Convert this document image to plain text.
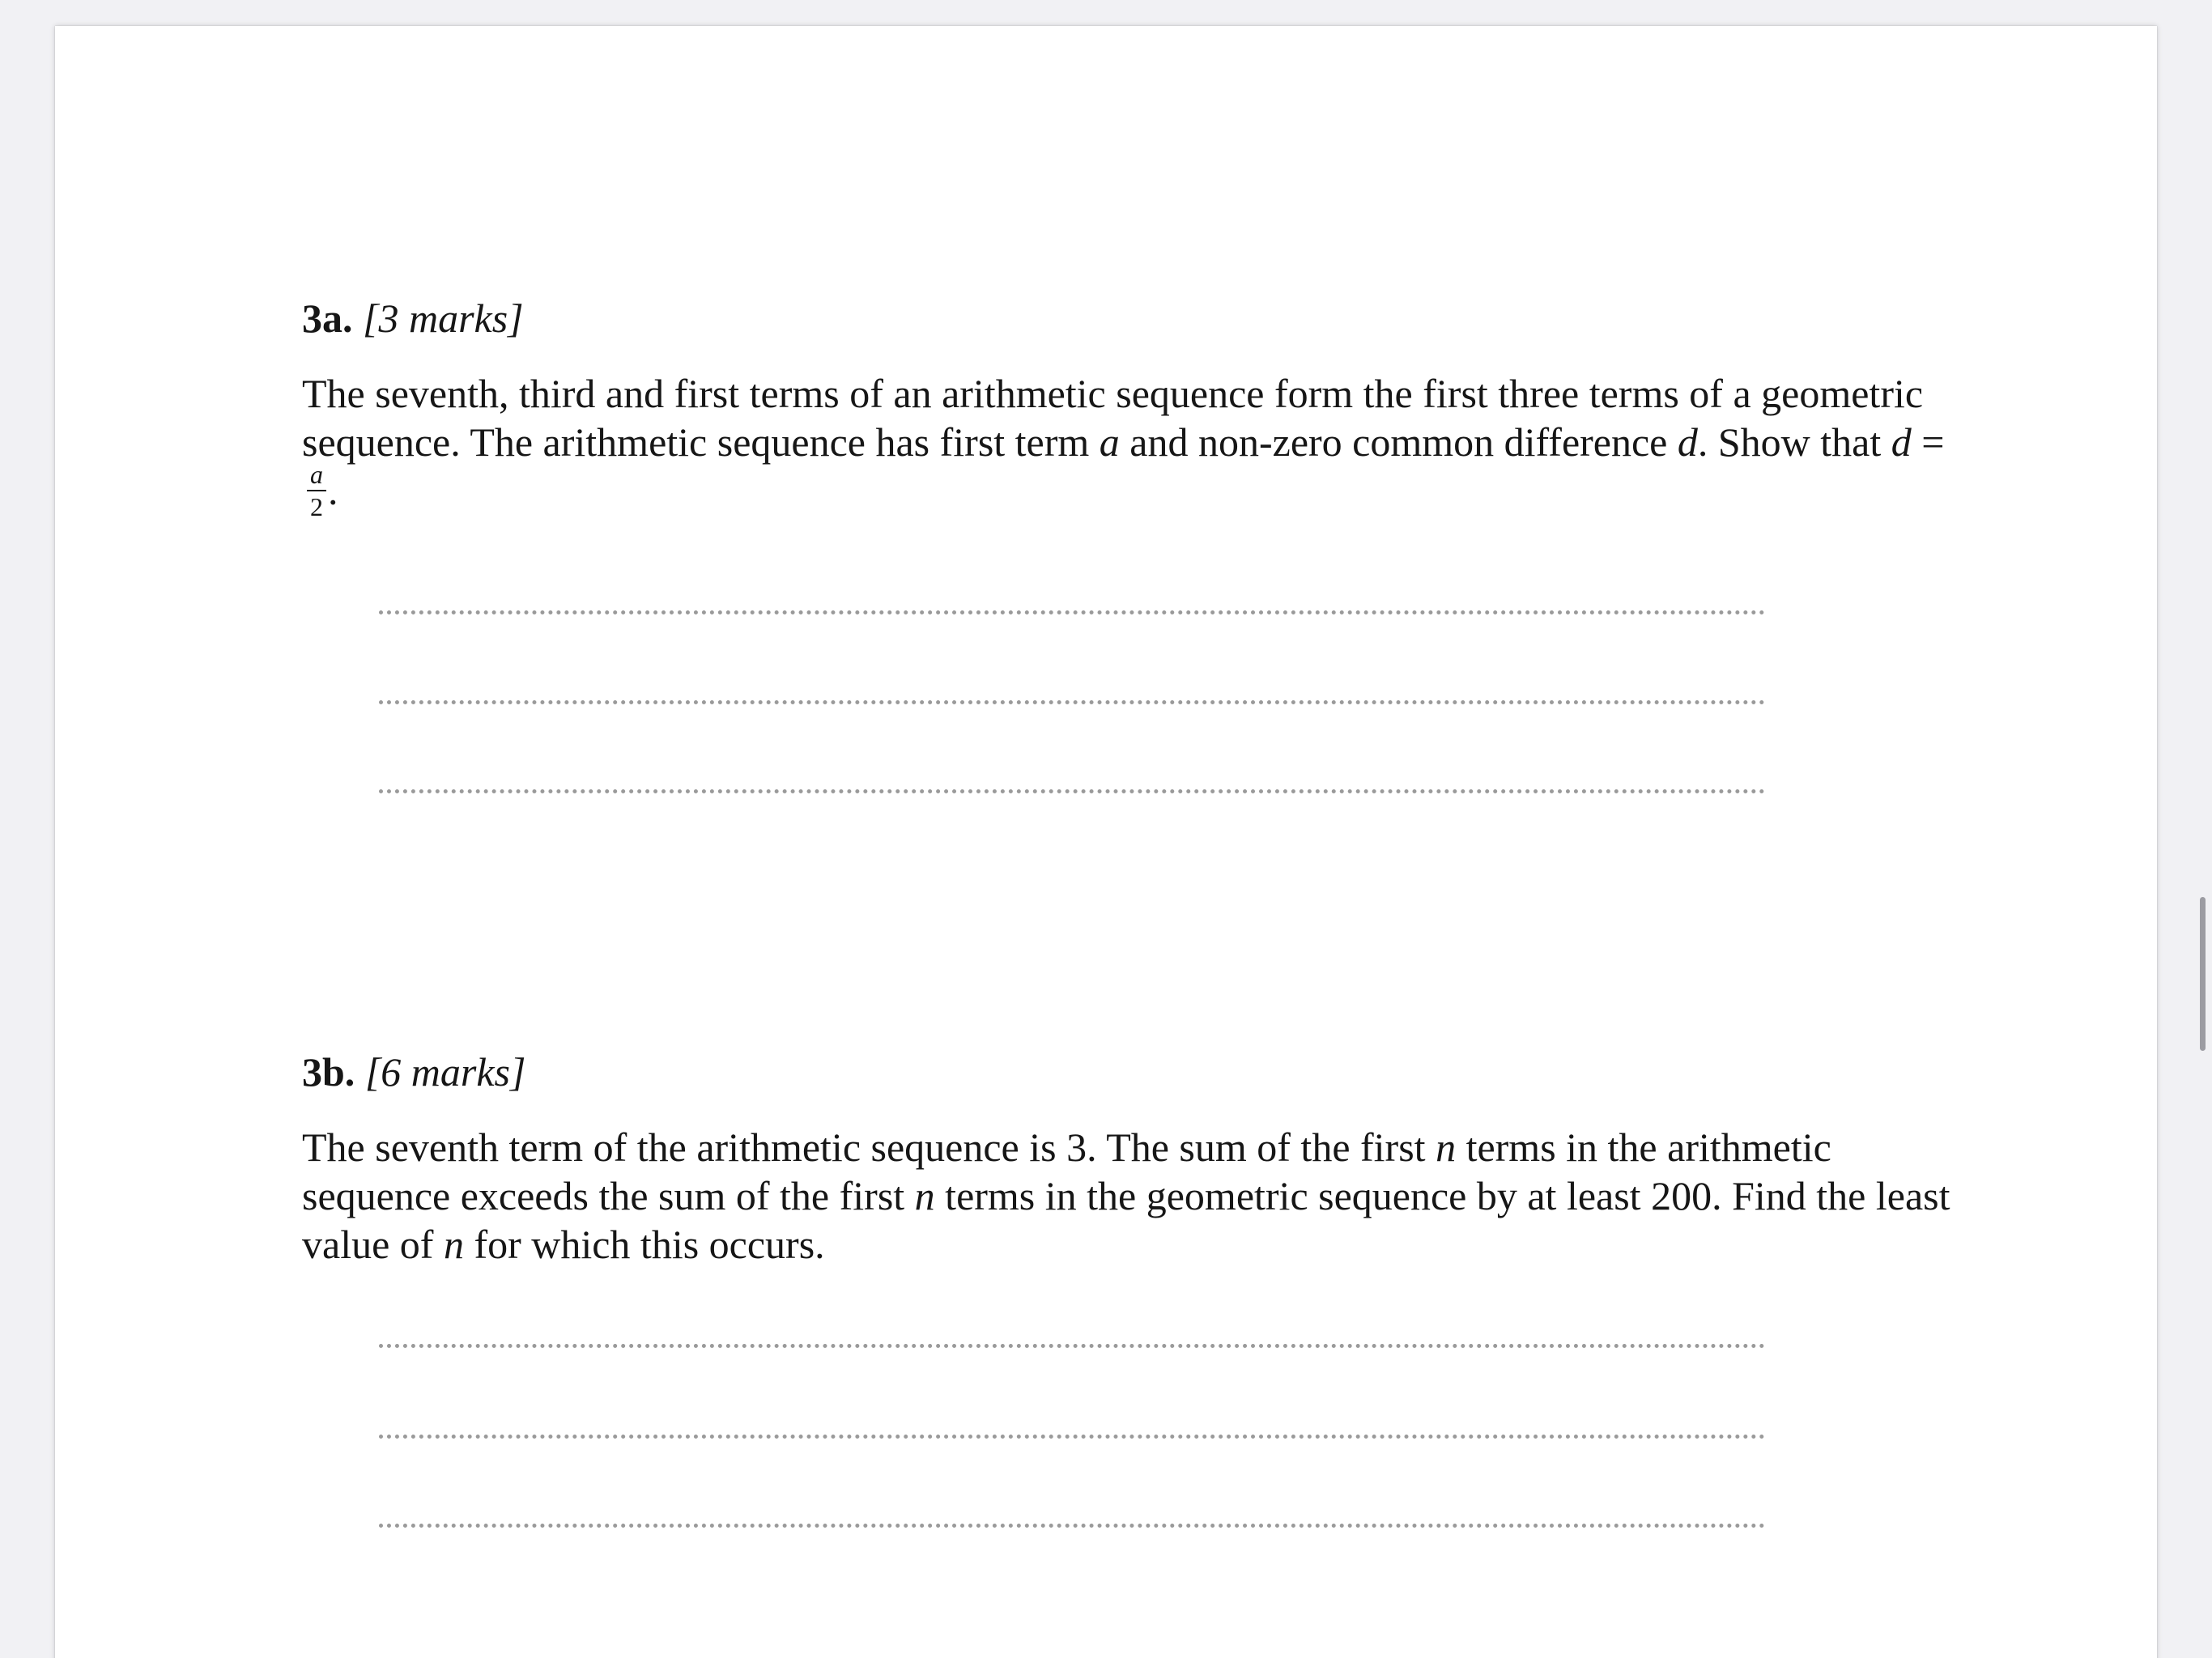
3a. [3 marks]

The seventh, third and first terms of an arithmetic sequence form the first three terms of a geometric sequence. The arithmetic sequence has first term a and non-zero common difference d. Show that d =
$\frac{a}{2}$ .

3b. [6 marks]

The seventh term of the arithmetic sequence is 3. The sum of the first n terms in the arithmetic sequence exceeds the sum of the first n terms in the geometric sequence by at least 200. Find the least value of n for which this occurs.
